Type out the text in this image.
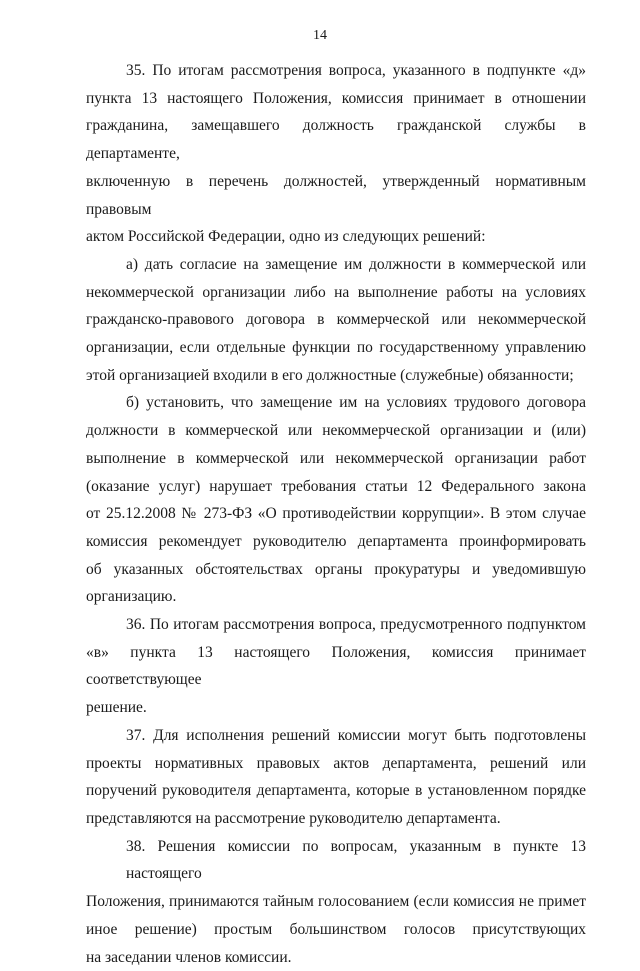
14
35. По итогам рассмотрения вопроса, указанного в подпункте «д»
пункта 13 настоящего Положения, комиссия принимает в отношении
гражданина, замещавшего должность гражданской службы в департаменте,
включенную в перечень должностей, утвержденный нормативным правовым
актом Российской Федерации, одно из следующих решений:
а) дать согласие на замещение им должности в коммерческой или
некоммерческой организации либо на выполнение работы на условиях
гражданско-правового договора в коммерческой или некоммерческой
организации, если отдельные функции по государственному управлению
этой организацией входили в его должностные (служебные) обязанности;
б) установить, что замещение им на условиях трудового договора
должности в коммерческой или некоммерческой организации и (или)
выполнение в коммерческой или некоммерческой организации работ
(оказание услуг) нарушает требования статьи 12 Федерального закона
от 25.12.2008 № 273-ФЗ «О противодействии коррупции». В этом случае
комиссия рекомендует руководителю департамента проинформировать
об указанных обстоятельствах органы прокуратуры и уведомившую
организацию.
36. По итогам рассмотрения вопроса, предусмотренного подпунктом
«в» пункта 13 настоящего Положения, комиссия принимает соответствующее
решение.
37. Для исполнения решений комиссии могут быть подготовлены
проекты нормативных правовых актов департамента, решений или
поручений руководителя департамента, которые в установленном порядке
представляются на рассмотрение руководителю департамента.
38. Решения комиссии по вопросам, указанным в пункте 13 настоящего
Положения, принимаются тайным голосованием (если комиссия не примет
иное решение) простым большинством голосов присутствующих
на заседании членов комиссии.
